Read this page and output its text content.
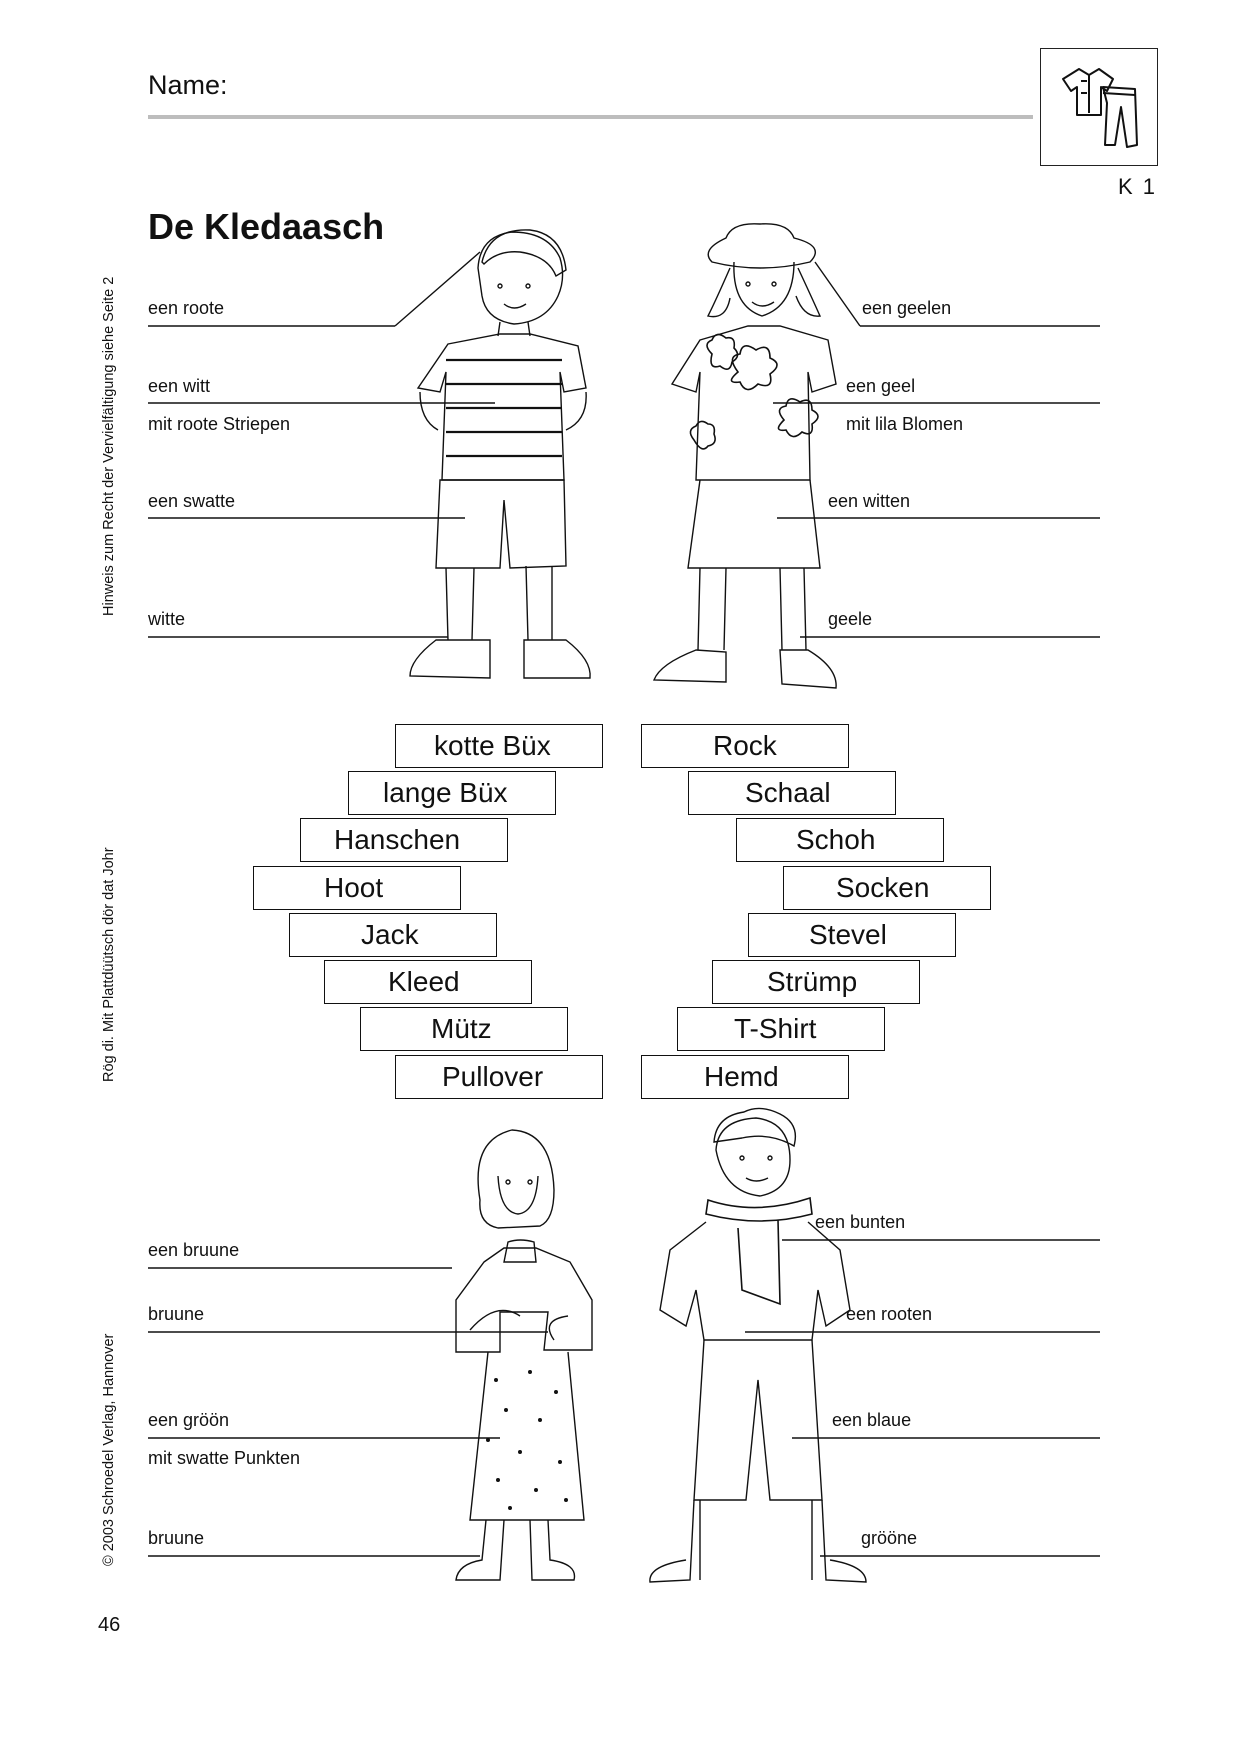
Name:
K 1
De Kledaasch
Hinweis zum Recht der Vervielfältigung siehe Seite 2
Rög di. Mit Plattdüütsch dör dat Johr
© 2003 Schroedel Verlag, Hannover
een roote
een witt
mit roote Striepen
een swatte
witte
een geelen
een geel
mit lila Blomen
een witten
geele
een bruune
bruune
een gröön
mit swatte Punkten
bruune
een bunten
een rooten
een blaue
grööne
kotte Büx
lange Büx
Hanschen
Hoot
Jack
Kleed
Mütz
Pullover
Rock
Schaal
Schoh
Socken
Stevel
Strümp
T-Shirt
Hemd
46
